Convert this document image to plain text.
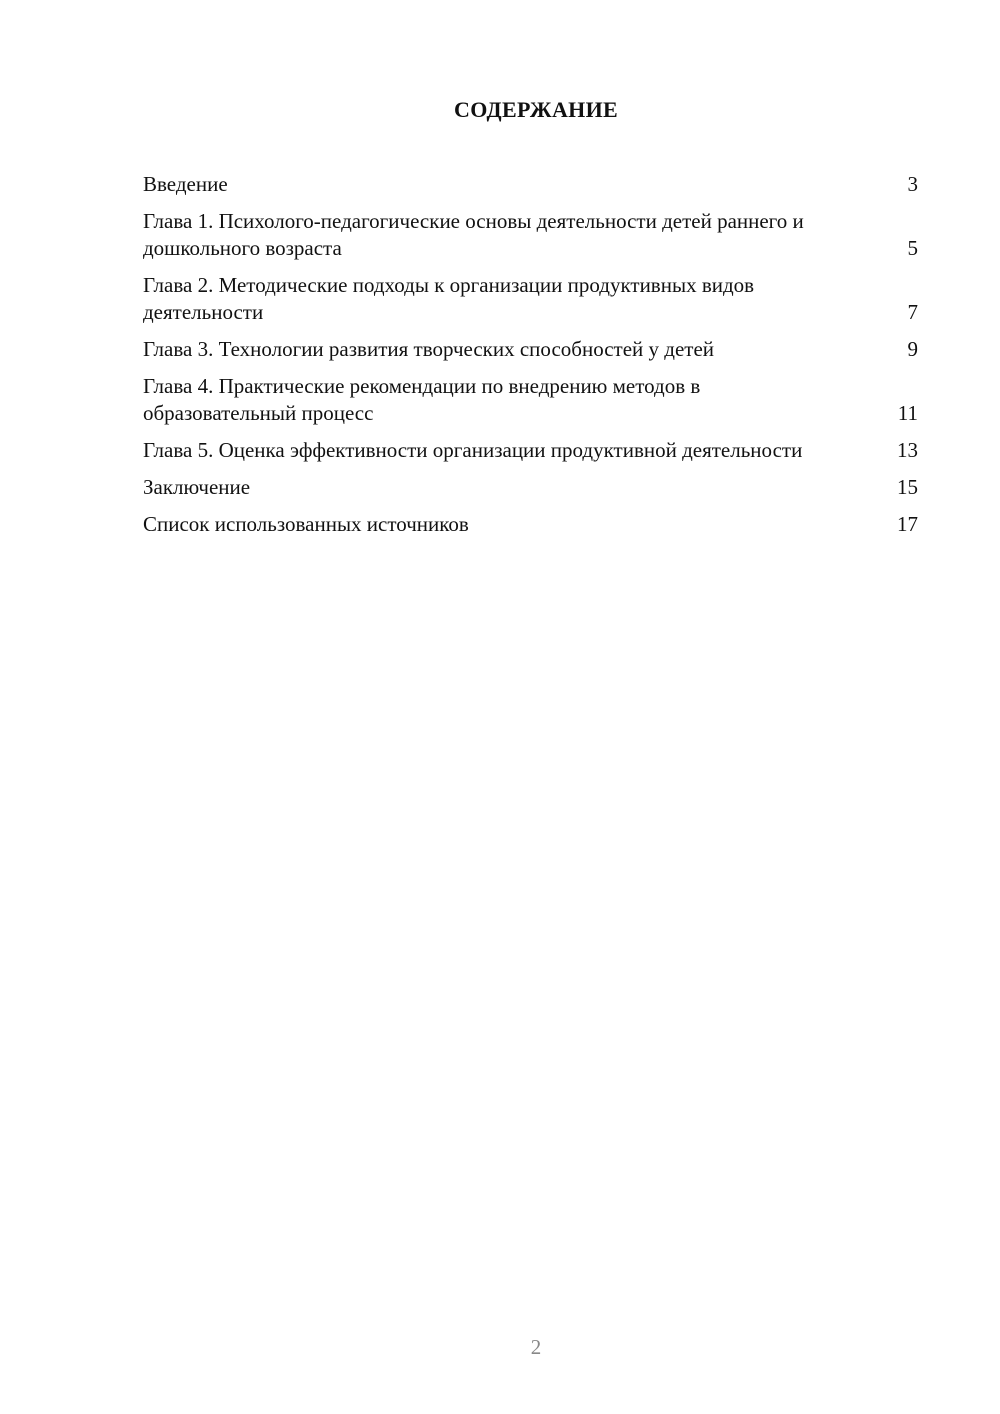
СОДЕРЖАНИЕ
Введение	3
Глава 1. Психолого-педагогические основы деятельности детей раннего и дошкольного возраста	5
Глава 2. Методические подходы к организации продуктивных видов деятельности	7
Глава 3. Технологии развития творческих способностей у детей	9
Глава 4. Практические рекомендации по внедрению методов в образовательный процесс	11
Глава 5. Оценка эффективности организации продуктивной деятельности	13
Заключение	15
Список использованных источников	17
2
